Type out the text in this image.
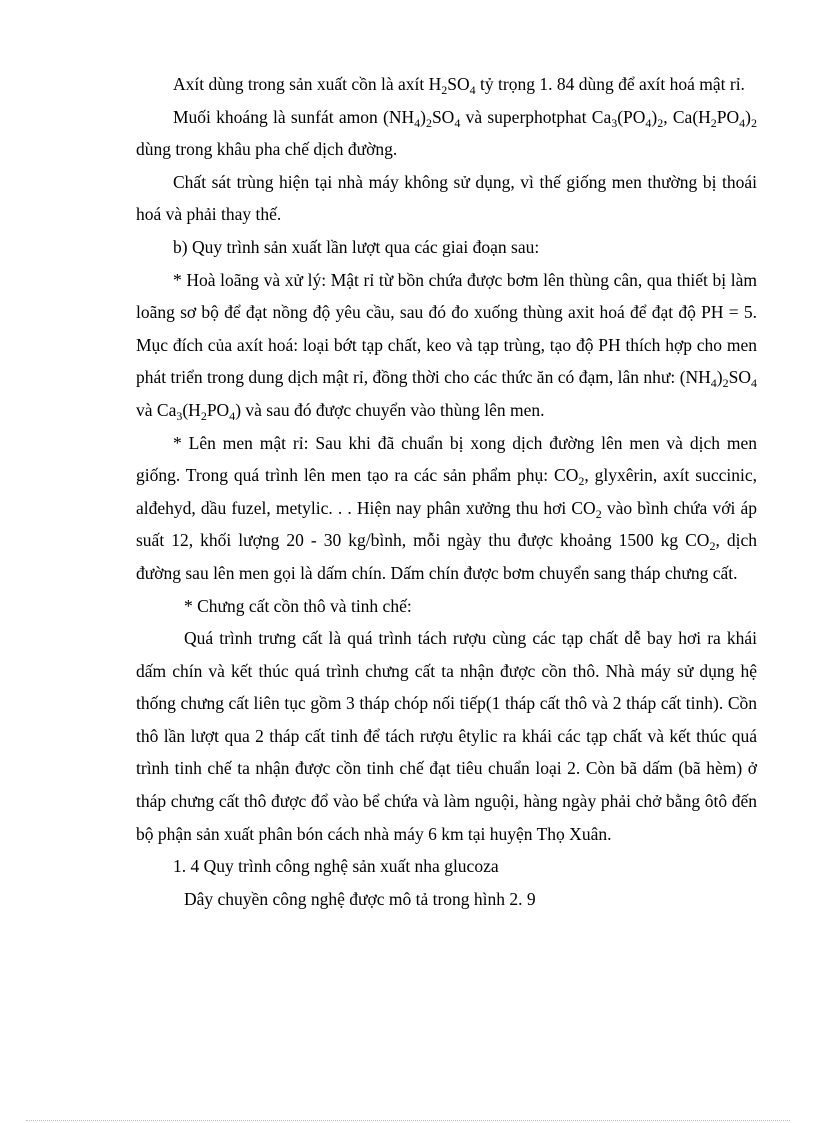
Axít dùng trong sản xuất cồn là axít $H_2SO_4$ tỷ trọng 1. 84 dùng để axít hoá mật rỉ.

Muối khoáng là sunfát amon $(NH_4)_2SO_4$ và superphotphat $Ca_3(PO_4)_2$, $Ca(H_2PO_4)_2$ dùng trong khâu pha chế dịch đường.

Chất sát trùng hiện tại nhà máy không sử dụng, vì thế giống men thường bị thoái hoá và phải thay thế.

b) Quy trình sản xuất lần lượt qua các giai đoạn sau:

* Hoà loãng và xử lý: Mật rỉ từ bồn chứa được bơm lên thùng cân, qua thiết bị làm loãng sơ bộ để đạt nồng độ yêu cầu, sau đó đo xuống thùng axit hoá để đạt độ PH = 5. Mục đích của axít hoá: loại bớt tạp chất, keo và tạp trùng, tạo độ PH thích hợp cho men phát triển trong dung dịch mật rỉ, đồng thời cho các thức ăn có đạm, lân như: $(NH_4)_2SO_4$ và $Ca_3(H_2PO_4)$ và sau đó được chuyển vào thùng lên men.

* Lên men mật rỉ: Sau khi đã chuẩn bị xong dịch đường lên men và dịch men giống. Trong quá trình lên men tạo ra các sản phẩm phụ: $CO_2$, glyxêrin, axít succinic, alđehyd, dầu fuzel, metylic. . . Hiện nay phân xưởng thu hơi $CO_2$ vào bình chứa với áp suất 12, khối lượng 20 - 30 kg/bình, mỗi ngày thu được khoảng 1500 kg $CO_2$, dịch đường sau lên men gọi là dấm chín. Dấm chín được bơm chuyển sang tháp chưng cất.

* Chưng cất cồn thô và tinh chế:

Quá trình trưng cất là quá trình tách rượu cùng các tạp chất dễ bay hơi ra khái dấm chín và kết thúc quá trình chưng cất ta nhận được cồn thô. Nhà máy sử dụng hệ thống chưng cất liên tục gồm 3 tháp chóp nối tiếp(1 tháp cất thô và 2 tháp cất tinh). Cồn thô lần lượt qua 2 tháp cất tinh để tách rượu êtylic ra khái các tạp chất và kết thúc quá trình tinh chế ta nhận được cồn tinh chế đạt tiêu chuẩn loại 2. Còn bã dấm (bã hèm) ở tháp chưng cất thô được đổ vào bể chứa và làm nguội, hàng ngày phải chở bằng ôtô đến bộ phận sản xuất phân bón cách nhà máy 6 km tại huyện Thọ Xuân.

1. 4 Quy trình công nghệ sản xuất nha glucoza

Dây chuyền công nghệ được mô tả trong hình 2. 9
